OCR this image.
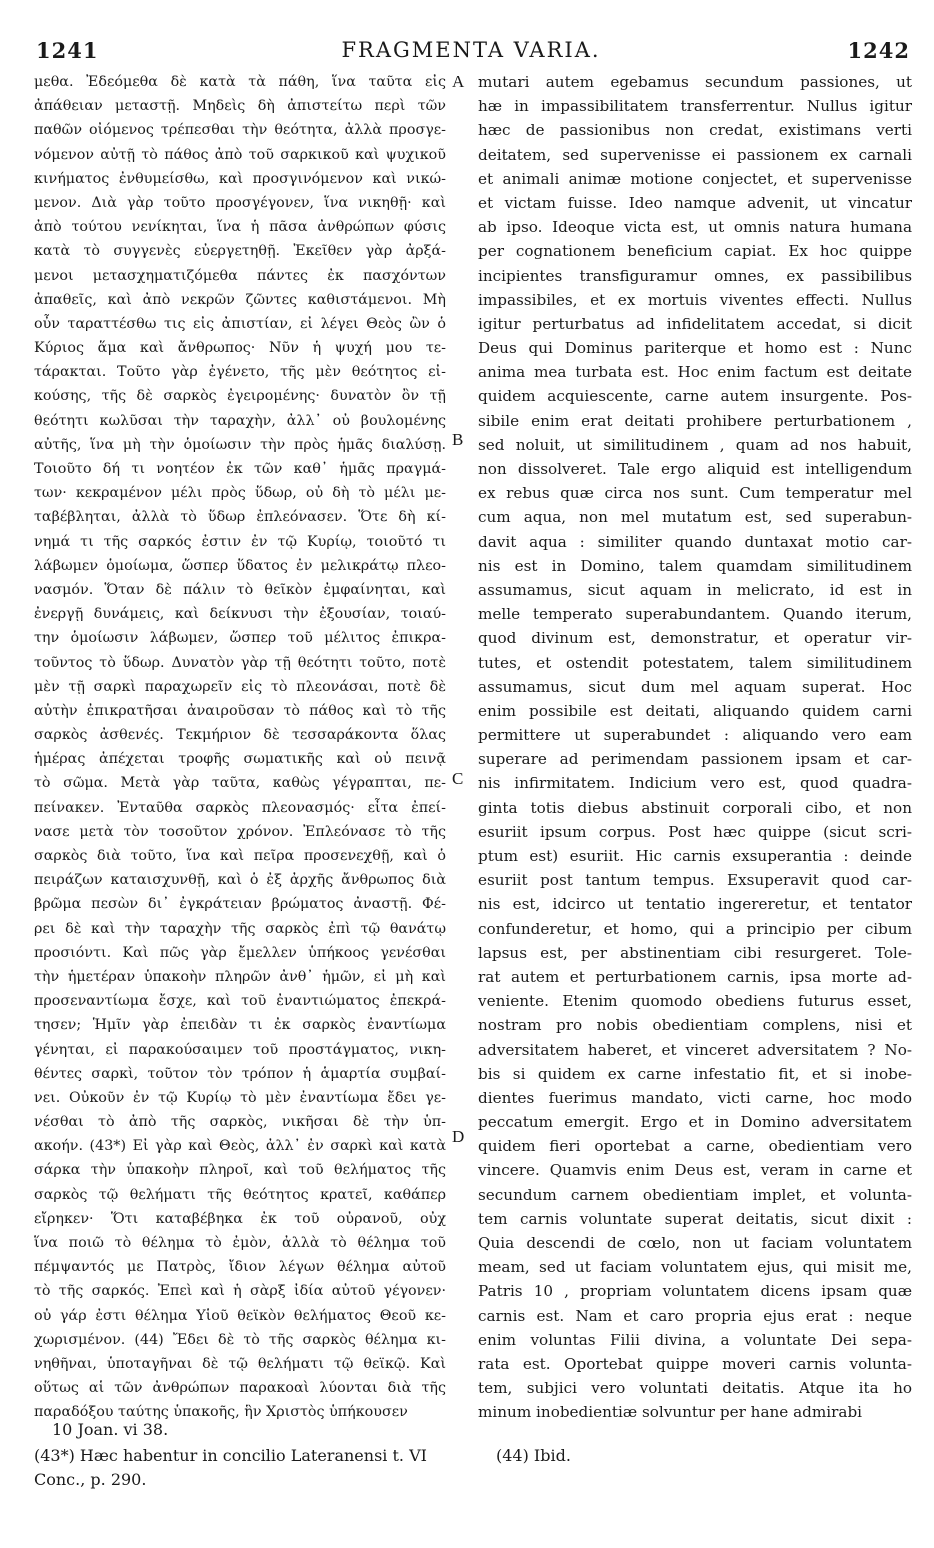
1241	FRAGMENTA VARIA.	1242
μεθα. Ἐδεόμεθα δὲ κατὰ τὰ πάθη, ἵνα ταῦτα εἰς
ἀπάθειαν μεταστῇ. Μηδεὶς δὴ ἀπιστείτω περὶ τῶν
παθῶν οἰόμενος τρέπεσθαι τὴν θεότητα, ἀλλὰ προσγε-
νόμενον αὐτῇ τὸ πάθος ἀπὸ τοῦ σαρκικοῦ καὶ ψυχικοῦ
κινήματος ἐνθυμείσθω, καὶ προσγινόμενον καὶ νικώ-
μενον. Διὰ γὰρ τοῦτο προσγέγονεν, ἵνα νικηθῇ· καὶ
ἀπὸ τούτου νενίκηται, ἵνα ἡ πᾶσα ἀνθρώπων φύσις
κατὰ τὸ συγγενὲς εὐεργετηθῇ. Ἐκεῖθεν γὰρ ἀρξά-
μενοι μετασχηματιζόμεθα πάντες ἐκ πασχόντων
ἀπαθεῖς, καὶ ἀπὸ νεκρῶν ζῶντες καθιστάμενοι. Μὴ
οὖν ταραττέσθω τις εἰς ἀπιστίαν, εἰ λέγει Θεὸς ὢν ὁ
Κύριος ἅμα καὶ ἄνθρωπος· Νῦν ἡ ψυχή μου τε-
τάρακται. Τοῦτο γὰρ ἐγένετο, τῆς μὲν θεότητος εἰ-
κούσης, τῆς δὲ σαρκὸς ἐγειρομένης· δυνατὸν ὂν τῇ
θεότητι κωλῦσαι τὴν ταραχὴν, ἀλλ᾽ οὐ βουλομένης
αὐτῆς, ἵνα μὴ τὴν ὁμοίωσιν τὴν πρὸς ἡμᾶς διαλύσῃ.
Τοιοῦτο δή τι νοητέον ἐκ τῶν καθ᾽ ἡμᾶς πραγμά-
των· κεκραμένον μέλι πρὸς ὕδωρ, οὐ δὴ τὸ μέλι με-
ταβέβληται, ἀλλὰ τὸ ὕδωρ ἐπλεόνασεν. Ὅτε δὴ κί-
νημά τι τῆς σαρκός ἐστιν ἐν τῷ Κυρίῳ, τοιοῦτό τι
λάβωμεν ὁμοίωμα, ὥσπερ ὕδατος ἐν μελικράτῳ πλεο-
νασμόν. Ὅταν δὲ πάλιν τὸ θεῖκὸν ἐμφαίνηται, καὶ
ἐνεργῇ δυνάμεις, καὶ δείκνυσι τὴν ἐξουσίαν, τοιαύ-
την ὁμοίωσιν λάβωμεν, ὥσπερ τοῦ μέλιτος ἐπικρα-
τοῦντος τὸ ὕδωρ. Δυνατὸν γὰρ τῇ θεότητι τοῦτο, ποτὲ
μὲν τῇ σαρκὶ παραχωρεῖν εἰς τὸ πλεονάσαι, ποτὲ δὲ
αὐτὴν ἐπικρατῆσαι ἀναιροῦσαν τὸ πάθος καὶ τὸ τῆς
σαρκὸς ἀσθενές. Τεκμήριον δὲ τεσσαράκοντα ὅλας
ἡμέρας ἀπέχεται τροφῆς σωματικῆς καὶ οὐ πεινᾷ
τὸ σῶμα. Μετὰ γὰρ ταῦτα, καθὼς γέγραπται, πε-
πείνακεν. Ἐνταῦθα σαρκὸς πλεονασμός· εἶτα ἐπεί-
νασε μετὰ τὸν τοσοῦτον χρόνον. Ἐπλεόνασε τὸ τῆς
σαρκὸς διὰ τοῦτο, ἵνα καὶ πεῖρα προσενεχθῇ, καὶ ὁ
πειράζων καταισχυνθῇ, καὶ ὁ ἐξ ἀρχῆς ἄνθρωπος διὰ
βρῶμα πεσὼν δι᾽ ἐγκράτειαν βρώματος ἀναστῇ. Φέ-
ρει δὲ καὶ τὴν ταραχὴν τῆς σαρκὸς ἐπὶ τῷ θανάτῳ
προσιόντι. Καὶ πῶς γὰρ ἔμελλεν ὑπήκοος γενέσθαι
τὴν ἡμετέραν ὑπακοὴν πληρῶν ἀνθ᾽ ἡμῶν, εἰ μὴ καὶ
προσεναντίωμα ἔσχε, καὶ τοῦ ἐναντιώματος ἐπεκρά-
τησεν; Ἡμῖν γὰρ ἐπειδὰν τι ἐκ σαρκὸς ἐναντίωμα
γένηται, εἰ παρακούσαιμεν τοῦ προστάγματος, νικη-
θέντες σαρκὶ, τοῦτον τὸν τρόπον ἡ ἁμαρτία συμβαί-
νει. Οὐκοῦν ἐν τῷ Κυρίῳ τὸ μὲν ἐναντίωμα ἔδει γε-
νέσθαι τὸ ἀπὸ τῆς σαρκὸς, νικῆσαι δὲ τὴν ὑπ-
ακοήν. (43*) Εἰ γὰρ καὶ Θεὸς, ἀλλ᾽ ἐν σαρκὶ καὶ κατὰ
σάρκα τὴν ὑπακοὴν πληροῖ, καὶ τοῦ θελήματος τῆς
σαρκὸς τῷ θελήματι τῆς θεότητος κρατεῖ, καθάπερ
εἴρηκεν· Ὅτι καταβέβηκα ἐκ τοῦ οὐρανοῦ, οὐχ
ἵνα ποιῶ τὸ θέλημα τὸ ἐμὸν, ἀλλὰ τὸ θέλημα τοῦ
πέμψαντός με Πατρὸς, ἴδιον λέγων θέλημα αὐτοῦ
τὸ τῆς σαρκός. Ἐπεὶ καὶ ἡ σὰρξ ἰδία αὐτοῦ γέγονεν·
οὐ γάρ ἐστι θέλημα Υἱοῦ θεϊκὸν θελήματος Θεοῦ κε-
χωρισμένον. (44) Ἔδει δὲ τὸ τῆς σαρκὸς θέλημα κι-
νηθῆναι, ὑποταγῆναι δὲ τῷ θελήματι τῷ θεϊκῷ. Καὶ
οὕτως αἱ τῶν ἀνθρώπων παρακοαὶ λύονται διὰ τῆς
παραδόξου ταύτης ὑπακοῆς, ἣν Χριστὸς ὑπήκουσεν
mutari autem egebamus secundum passiones, ut
hæ in impassibilitatem transferrentur. Nullus igitur
hæc de passionibus non credat, existimans verti
deitatem, sed supervenisse ei passionem ex carnali
et animali animæ motione conjectet, et supervenisse
et victam fuisse. Ideo namque advenit, ut vincatur
ab ipso. Ideoque victa est, ut omnis natura humana
per cognationem beneficium capiat. Ex hoc quippe
incipientes transfiguramur omnes, ex passibilibus
impassibiles, et ex mortuis viventes effecti. Nullus
igitur perturbatus ad infidelitatem accedat, si dicit
Deus qui Dominus pariterque et homo est : Nunc
anima mea turbata est. Hoc enim factum est deitate
quidem acquiescente, carne autem insurgente. Pos-
sibile enim erat deitati prohibere perturbationem ,
sed noluit, ut similitudinem , quam ad nos habuit,
non dissolveret. Tale ergo aliquid est intelligendum
ex rebus quæ circa nos sunt. Cum temperatur mel
cum aqua, non mel mutatum est, sed superabun-
davit aqua : similiter quando duntaxat motio car-
nis est in Domino, talem quamdam similitudinem
assumamus, sicut aquam in melicrato, id est in
melle temperato superabundantem. Quando iterum,
quod divinum est, demonstratur, et operatur vir-
tutes, et ostendit potestatem, talem similitudinem
assumamus, sicut dum mel aquam superat. Hoc
enim possibile est deitati, aliquando quidem carni
permittere ut superabundet : aliquando vero eam
superare ad perimendam passionem ipsam et car-
nis infirmitatem. Indicium vero est, quod quadra-
ginta totis diebus abstinuit corporali cibo, et non
esuriit ipsum corpus. Post hæc quippe (sicut scri-
ptum est) esuriit. Hic carnis exsuperantia : deinde
esuriit post tantum tempus. Exsuperavit quod car-
nis est, idcirco ut tentatio ingereretur, et tentator
confunderetur, et homo, qui a principio per cibum
lapsus est, per abstinentiam cibi resurgeret. Tole-
rat autem et perturbationem carnis, ipsa morte ad-
veniente. Etenim quomodo obediens futurus esset,
nostram pro nobis obedientiam complens, nisi et
adversitatem haberet, et vinceret adversitatem ? No-
bis si quidem ex carne infestatio fit, et si inobe-
dientes fuerimus mandato, victi carne, hoc modo
peccatum emergit. Ergo et in Domino adversitatem
quidem fieri oportebat a carne, obedientiam vero
vincere. Quamvis enim Deus est, veram in carne et
secundum carnem obedientiam implet, et volunta-
tem carnis voluntate superat deitatis, sicut dixit :
Quia descendi de cœlo, non ut faciam voluntatem
meam, sed ut faciam voluntatem ejus, qui misit me,
Patris 10 , propriam voluntatem dicens ipsam quæ
carnis est. Nam et caro propria ejus erat : neque
enim voluntas Filii divina, a voluntate Dei sepa-
rata est. Oportebat quippe moveri carnis volunta-
tem, subjici vero voluntati deitatis. Atque ita ho
minum inobedientiæ solvuntur per hane admirabi
A
B
C
D
10 Joan. vi 38.
(43*) Hæc habentur in concilio Lateranensi t. VI Conc., p. 290.
(44) Ibid.
